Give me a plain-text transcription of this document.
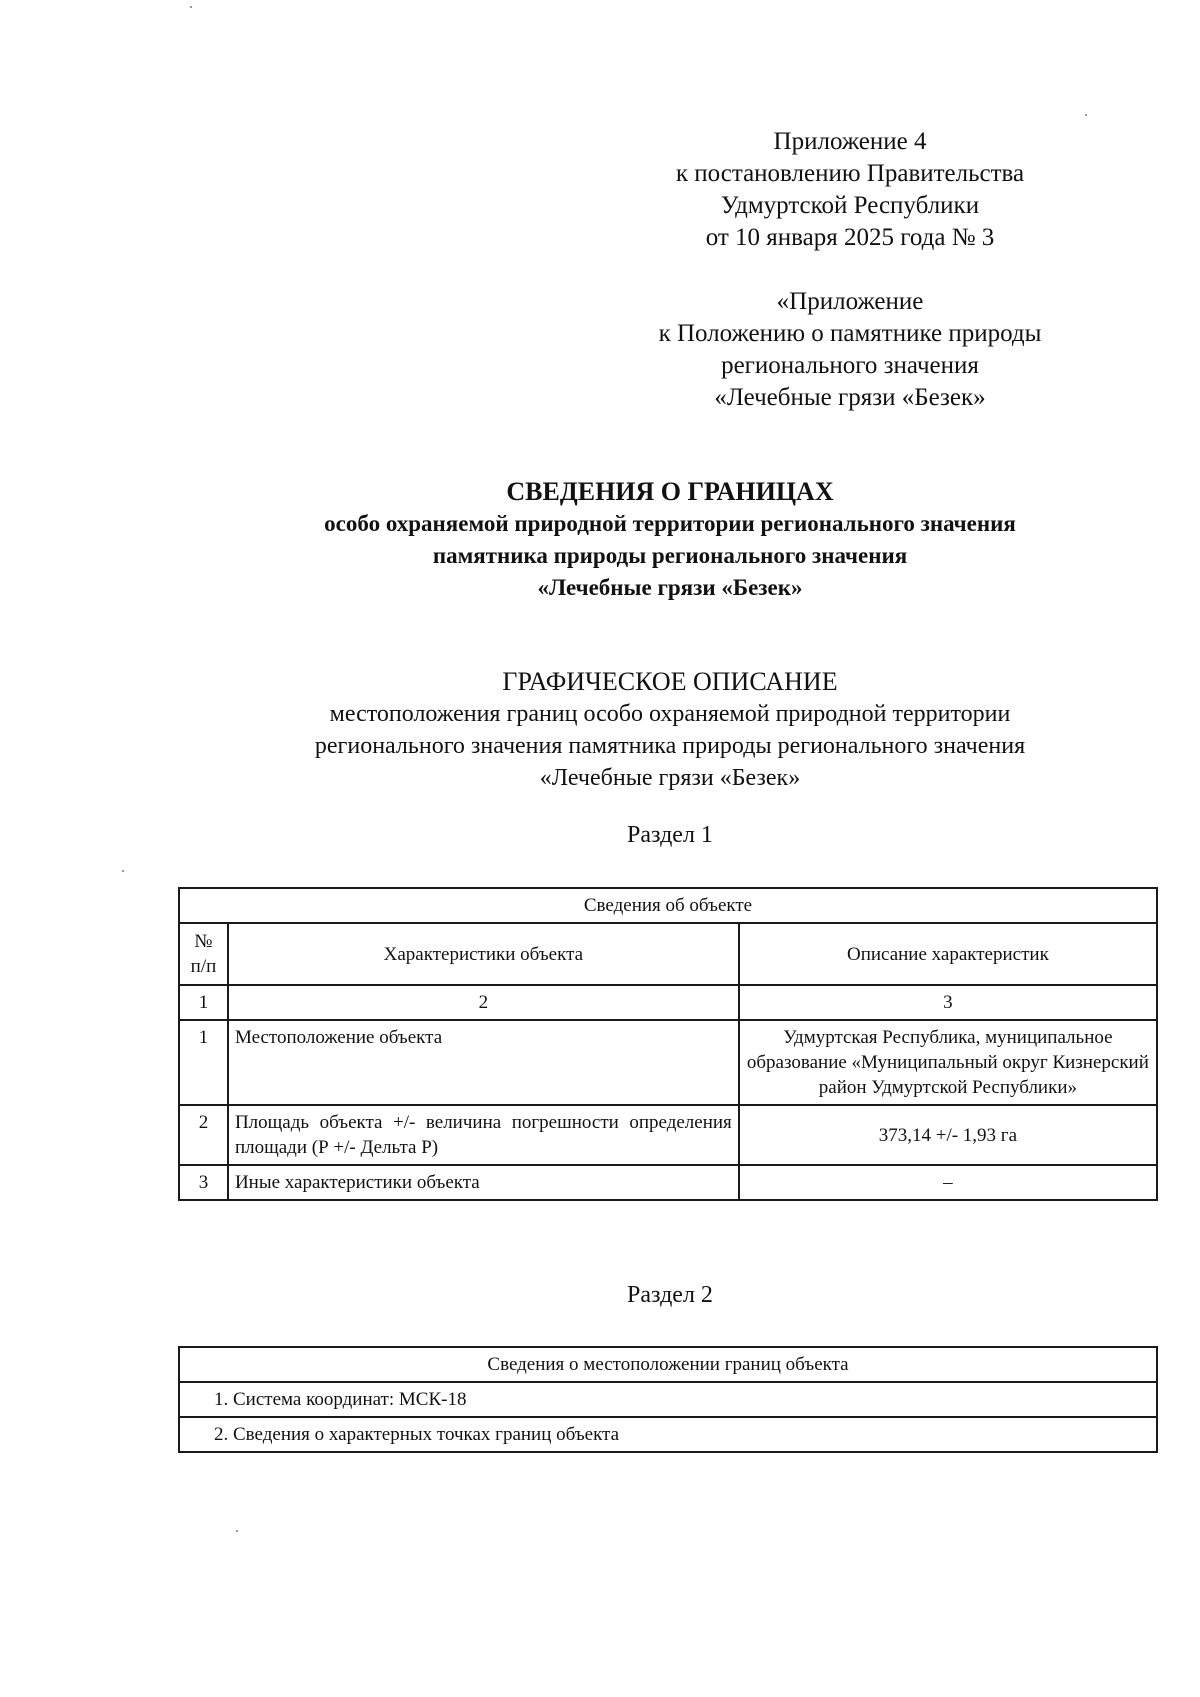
Приложение 4
к постановлению Правительства
Удмуртской Республики
от 10 января 2025 года № 3
«Приложение
к Положению о памятнике природы
регионального значения
«Лечебные грязи «Безек»
СВЕДЕНИЯ О ГРАНИЦАХ
особо охраняемой природной территории регионального значения
памятника природы регионального значения
«Лечебные грязи «Безек»
ГРАФИЧЕСКОЕ ОПИСАНИЕ
местоположения границ особо охраняемой природной территории
регионального значения памятника природы регионального значения
«Лечебные грязи «Безек»
Раздел 1
Сведения об объекте		
№ п/п	Характеристики объекта	Описание характеристик
1	2	3
1	Местоположение объекта	Удмуртская Республика, муниципальное образование «Муниципальный округ Кизнерский район Удмуртской Республики»
2	Площадь объекта +/- величина погрешности определения площади (Р +/- Дельта Р)	373,14 +/- 1,93 га
3	Иные характеристики объекта	–
Раздел 2
Сведения о местоположении границ объекта
1. Система координат: МСК-18
2. Сведения о характерных точках границ объекта
